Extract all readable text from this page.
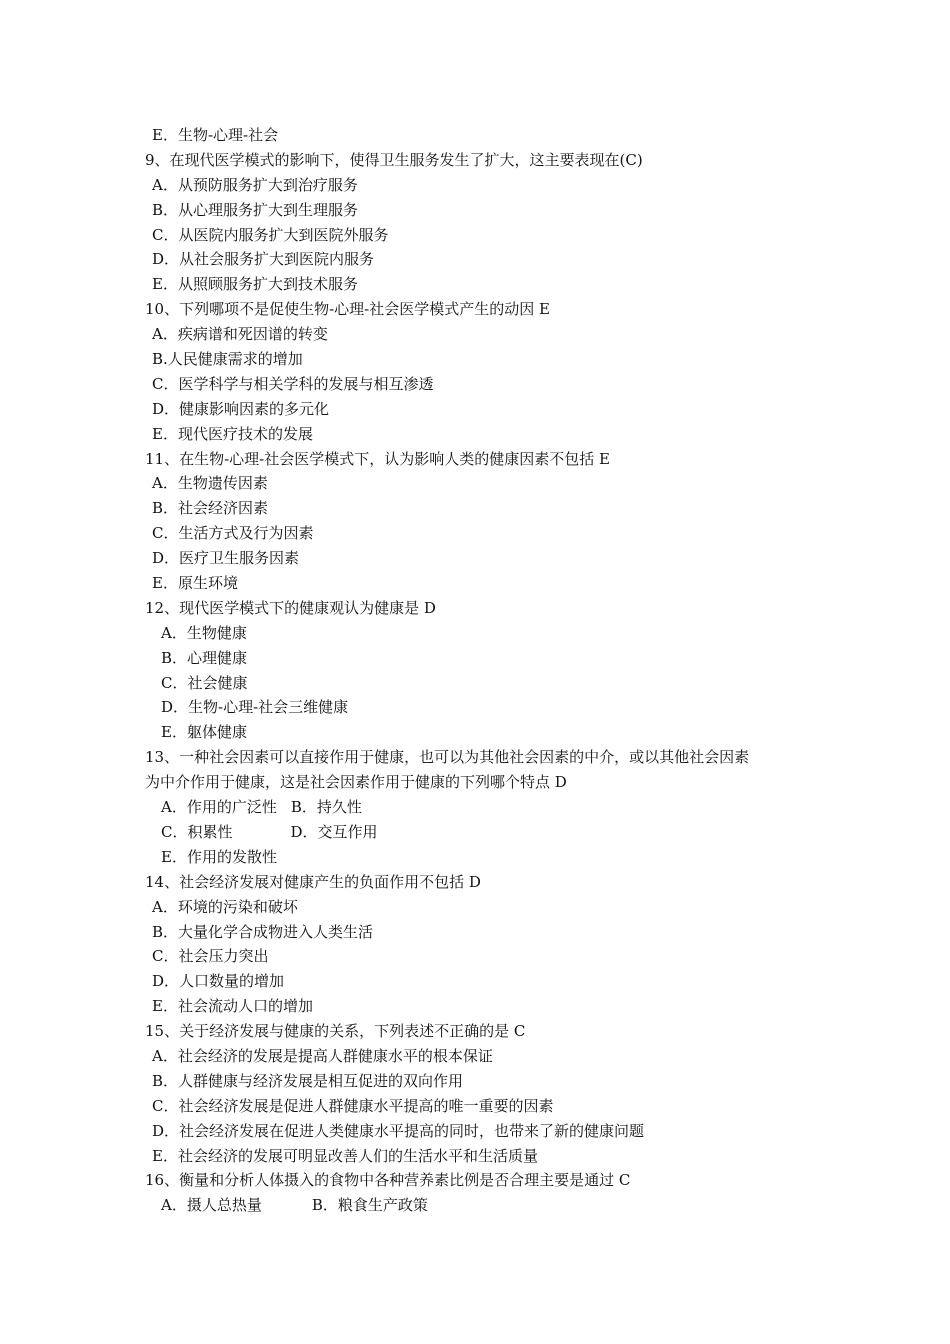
E．生物-心理-社会
9、在现代医学模式的影响下，使得卫生服务发生了扩大，这主要表现在(C)
A．从预防服务扩大到治疗服务
B．从心理服务扩大到生理服务
C．从医院内服务扩大到医院外服务
D．从社会服务扩大到医院内服务
E．从照顾服务扩大到技术服务
10、下列哪项不是促使生物-心理-社会医学模式产生的动因 E
A．疾病谱和死因谱的转变
B.人民健康需求的增加
C．医学科学与相关学科的发展与相互渗透
D．健康影响因素的多元化
E．现代医疗技术的发展
11、在生物-心理-社会医学模式下，认为影响人类的健康因素不包括 E
A．生物遗传因素
B．社会经济因素
C．生活方式及行为因素
D．医疗卫生服务因素
E．原生环境
12、现代医学模式下的健康观认为健康是 D
A．生物健康
B．心理健康
C．社会健康
D．生物-心理-社会三维健康
E．躯体健康
13、一种社会因素可以直接作用于健康，也可以为其他社会因素的中介，或以其他社会因素
为中介作用于健康，这是社会因素作用于健康的下列哪个特点 D
A．作用的广泛性 B．持久性
C．积累性	D．交互作用
E．作用的发散性
14、社会经济发展对健康产生的负面作用不包括 D
A．环境的污染和破坏
B．大量化学合成物进入人类生活
C．社会压力突出
D．人口数量的增加
E．社会流动人口的增加
15、关于经济发展与健康的关系，下列表述不正确的是 C
A．社会经济的发展是提高人群健康水平的根本保证
B．人群健康与经济发展是相互促进的双向作用
C．社会经济发展是促进人群健康水平提高的唯一重要的因素
D．社会经济发展在促进人类健康水平提高的同时，也带来了新的健康问题
E．社会经济的发展可明显改善人们的生活水平和生活质量
16、衡量和分析人体摄入的食物中各种营养素比例是否合理主要是通过 C
A．摄人总热量	B．粮食生产政策
